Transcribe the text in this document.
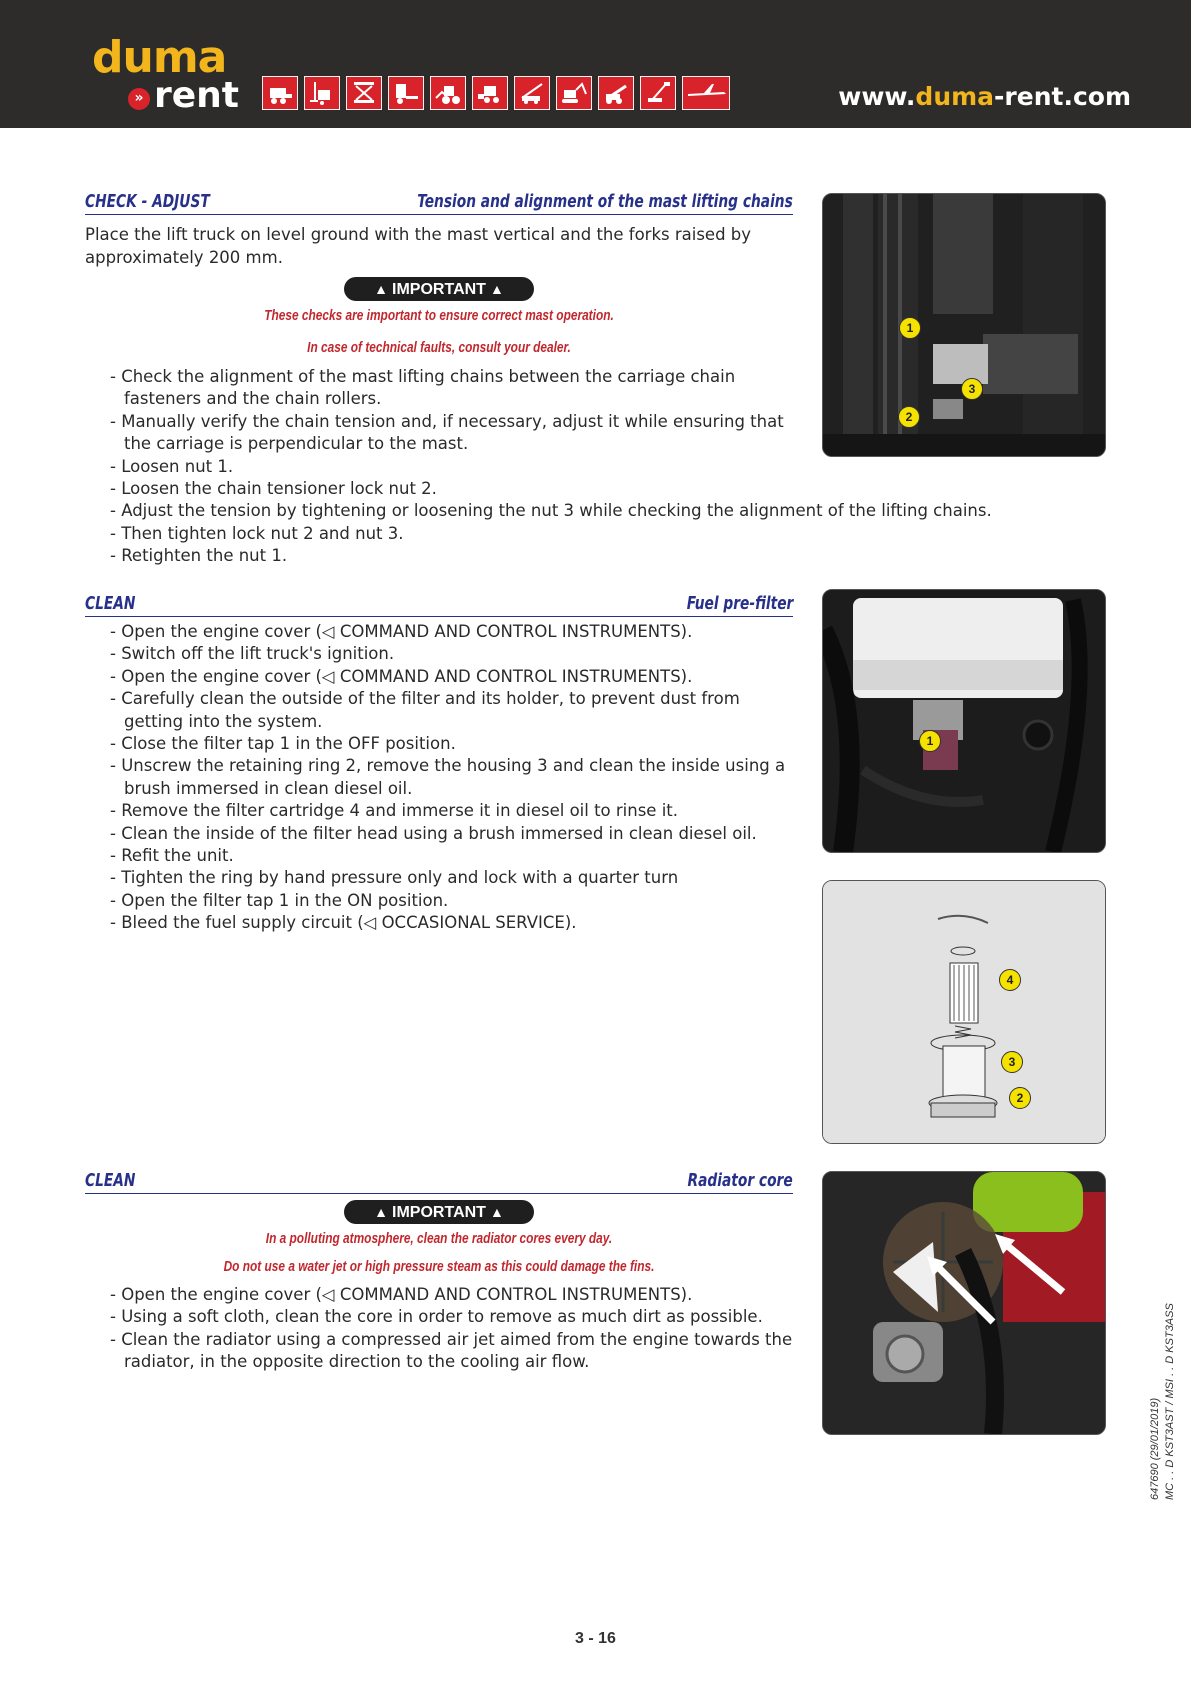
duma
rent
»	www.duma-rent.com
CHECK - ADJUST	Tension and alignment of the mast lifting chains
Place the lift truck on level ground with the mast vertical and the forks raised by approximately 200 mm.
▲ IMPORTANT ▲
These checks are important to ensure correct mast operation.
In case of technical faults, consult your dealer.
- Check the alignment of the mast lifting chains between the carriage chain fasteners and the chain rollers.
- Manually verify the chain tension and, if necessary, adjust it while ensuring that the carriage is perpendicular to the mast.
- Loosen nut 1.
- Loosen the chain tensioner lock nut 2.
- Adjust the tension by tightening or loosening the nut 3 while checking the alignment of the lifting chains.
- Then tighten lock nut 2 and nut 3.
- Retighten the nut 1.
1
3
2
CLEAN	Fuel pre-filter
- Open the engine cover (◁ COMMAND AND CONTROL INSTRUMENTS).
- Switch off the lift truck's ignition.
- Open the engine cover (◁ COMMAND AND CONTROL INSTRUMENTS).
- Carefully clean the outside of the filter and its holder, to prevent dust from getting into the system.
- Close the filter tap 1 in the OFF position.
- Unscrew the retaining ring 2, remove the housing 3 and clean the inside using a brush immersed in clean diesel oil.
- Remove the filter cartridge 4 and immerse it in diesel oil to rinse it.
- Clean the inside of the filter head using a brush immersed in clean diesel oil.
- Refit the unit.
- Tighten the ring by hand pressure only and lock with a quarter turn
- Open the filter tap 1 in the ON position.
- Bleed the fuel supply circuit (◁ OCCASIONAL SERVICE).
1
4
3
2
CLEAN	Radiator core
▲ IMPORTANT ▲
In a polluting atmosphere, clean the radiator cores every day.
Do not use a water jet or high pressure steam as this could damage the fins.
- Open the engine cover (◁ COMMAND AND CONTROL INSTRUMENTS).
- Using a soft cloth, clean the core in order to remove as much dirt as possible.
- Clean the radiator using a compressed air jet aimed from the engine towards the radiator, in the opposite direction to the cooling air flow.
647690 (29/01/2019) MC . . D KST3AST / MSI . . D KST3ASS
3 - 16
